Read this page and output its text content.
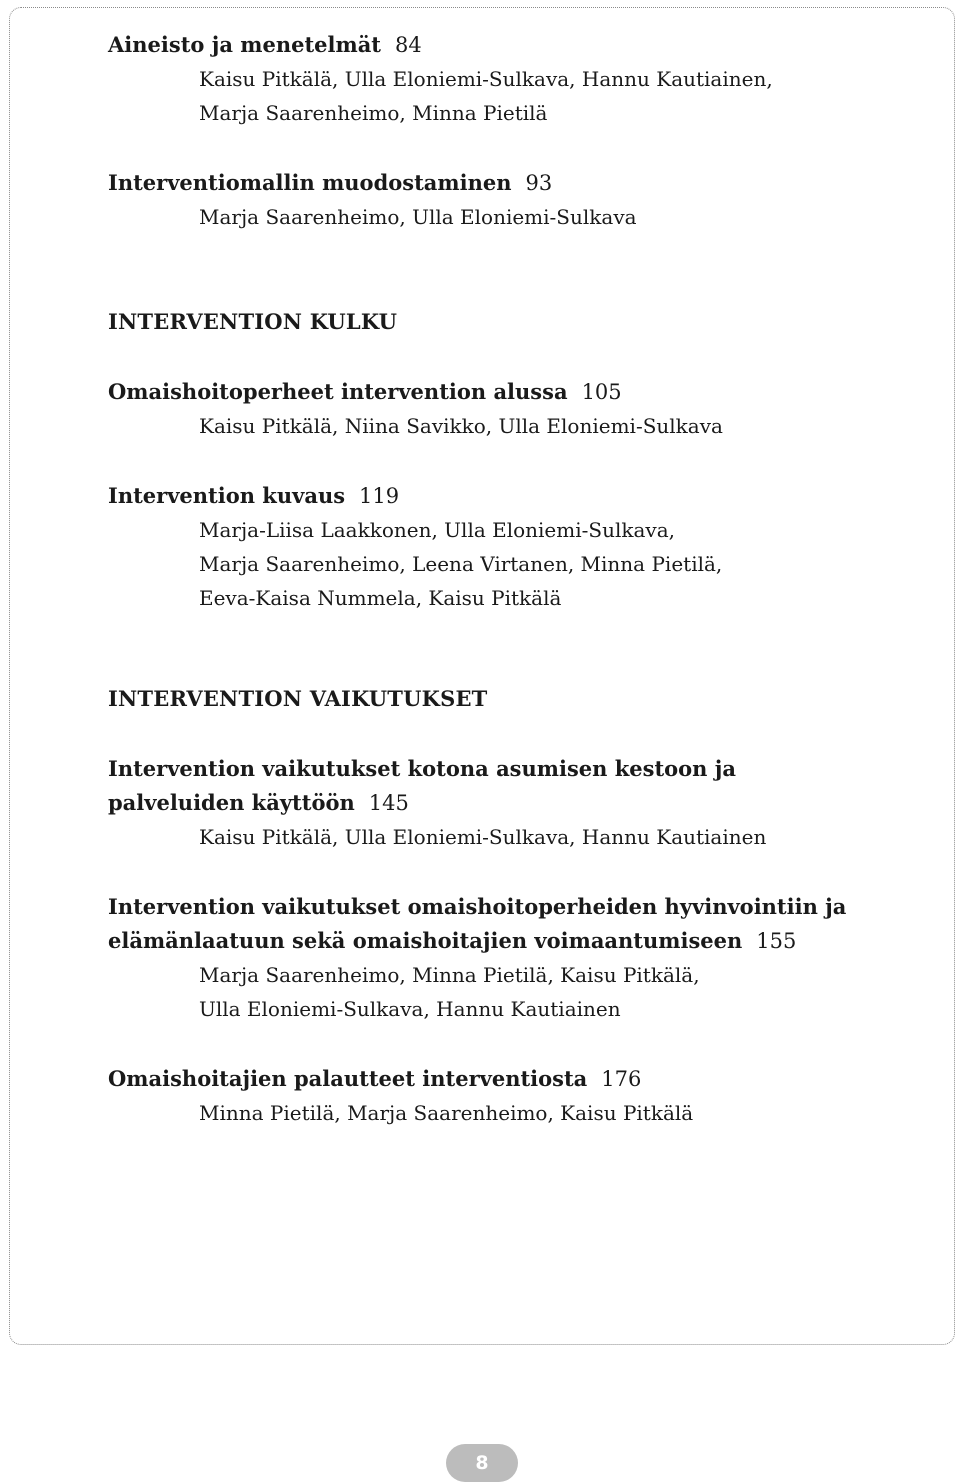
Aineisto ja menetelmät 84
Kaisu Pitkälä, Ulla Eloniemi-Sulkava, Hannu Kautiainen,
Marja Saarenheimo, Minna Pietilä
Interventiomallin muodostaminen 93
Marja Saarenheimo, Ulla Eloniemi-Sulkava
INTERVENTION KULKU
Omaishoitoperheet intervention alussa 105
Kaisu Pitkälä, Niina Savikko, Ulla Eloniemi-Sulkava
Intervention kuvaus 119
Marja-Liisa Laakkonen, Ulla Eloniemi-Sulkava,
Marja Saarenheimo, Leena Virtanen, Minna Pietilä,
Eeva-Kaisa Nummela, Kaisu Pitkälä
INTERVENTION VAIKUTUKSET
Intervention vaikutukset kotona asumisen kestoon ja
palveluiden käyttöön 145
Kaisu Pitkälä, Ulla Eloniemi-Sulkava, Hannu Kautiainen
Intervention vaikutukset omaishoitoperheiden hyvinvointiin ja
elämänlaatuun sekä omaishoitajien voimaantumiseen 155
Marja Saarenheimo, Minna Pietilä, Kaisu Pitkälä,
Ulla Eloniemi-Sulkava, Hannu Kautiainen
Omaishoitajien palautteet interventiosta 176
Minna Pietilä, Marja Saarenheimo, Kaisu Pitkälä
8
